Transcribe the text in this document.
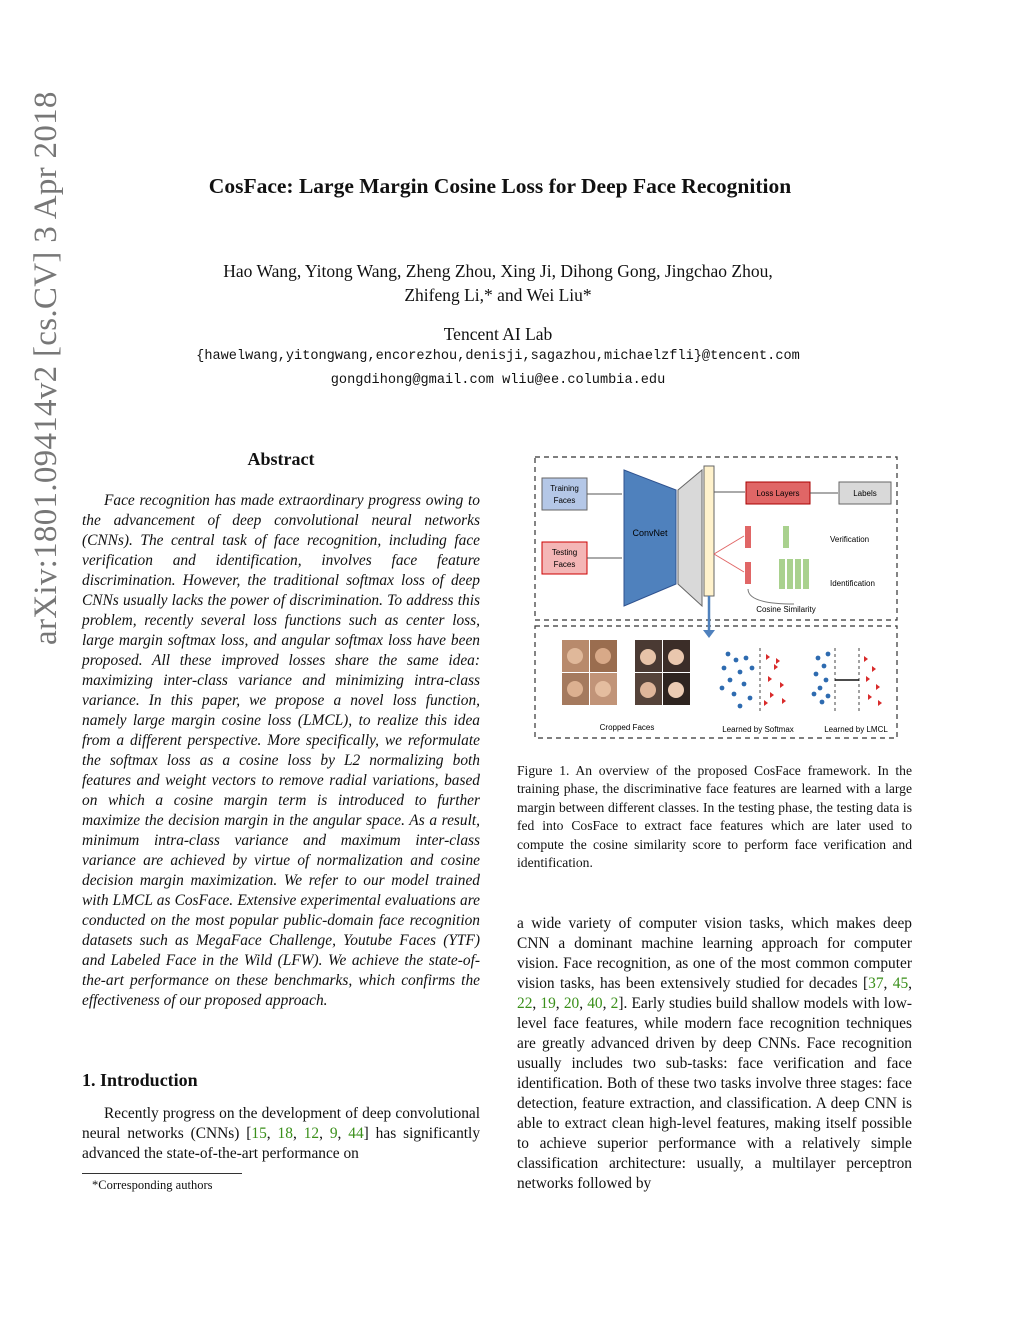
arXiv:1801.09414v2 [cs.CV] 3 Apr 2018	CosFace: Large Margin Cosine Loss for Deep Face Recognition
Hao Wang, Yitong Wang, Zheng Zhou, Xing Ji, Dihong Gong, Jingchao Zhou,
Zhifeng Li,* and Wei Liu*
Tencent AI Lab
{hawelwang,yitongwang,encorezhou,denisji,sagazhou,michaelzfli}@tencent.com
gongdihong@gmail.com wliu@ee.columbia.edu
Abstract
Face recognition has made extraordinary progress owing to the advancement of deep convolutional neural networks (CNNs). The central task of face recognition, including face verification and identification, involves face feature discrimination. However, the traditional softmax loss of deep CNNs usually lacks the power of discrimination. To address this problem, recently several loss functions such as center loss, large margin softmax loss, and angular softmax loss have been proposed. All these improved losses share the same idea: maximizing inter-class variance and minimizing intra-class variance. In this paper, we propose a novel loss function, namely large margin cosine loss (LMCL), to realize this idea from a different perspective. More specifically, we reformulate the softmax loss as a cosine loss by L2 normalizing both features and weight vectors to remove radial variations, based on which a cosine margin term is introduced to further maximize the decision margin in the angular space. As a result, minimum intra-class variance and maximum inter-class variance are achieved by virtue of normalization and cosine decision margin maximization. We refer to our model trained with LMCL as CosFace. Extensive experimental evaluations are conducted on the most popular public-domain face recognition datasets such as MegaFace Challenge, Youtube Faces (YTF) and Labeled Face in the Wild (LFW). We achieve the state-of-the-art performance on these benchmarks, which confirms the effectiveness of our proposed approach.
1. Introduction

Recently progress on the development of deep convolutional neural networks (CNNs) [15, 18, 12, 9, 44] has significantly advanced the state-of-the-art performance on

*Corresponding authors
Training
Faces
Testing
Faces
ConvNet
Loss Layers	Labels
Verification
Identification
Cosine Similarity
Cropped Faces	Learned by Softmax	Learned by LMCL
Figure 1. An overview of the proposed CosFace framework. In the training phase, the discriminative face features are learned with a large margin between different classes. In the testing phase, the testing data is fed into CosFace to extract face features which are later used to compute the cosine similarity score to perform face verification and identification.

a wide variety of computer vision tasks, which makes deep CNN a dominant machine learning approach for computer vision. Face recognition, as one of the most common computer vision tasks, has been extensively studied for decades [37, 45, 22, 19, 20, 40, 2]. Early studies build shallow models with low-level face features, while modern face recognition techniques are greatly advanced driven by deep CNNs. Face recognition usually includes two sub-tasks: face verification and face identification. Both of these two tasks involve three stages: face detection, feature extraction, and classification. A deep CNN is able to extract clean high-level features, making itself possible to achieve superior performance with a relatively simple classification architecture: usually, a multilayer perceptron networks followed by
